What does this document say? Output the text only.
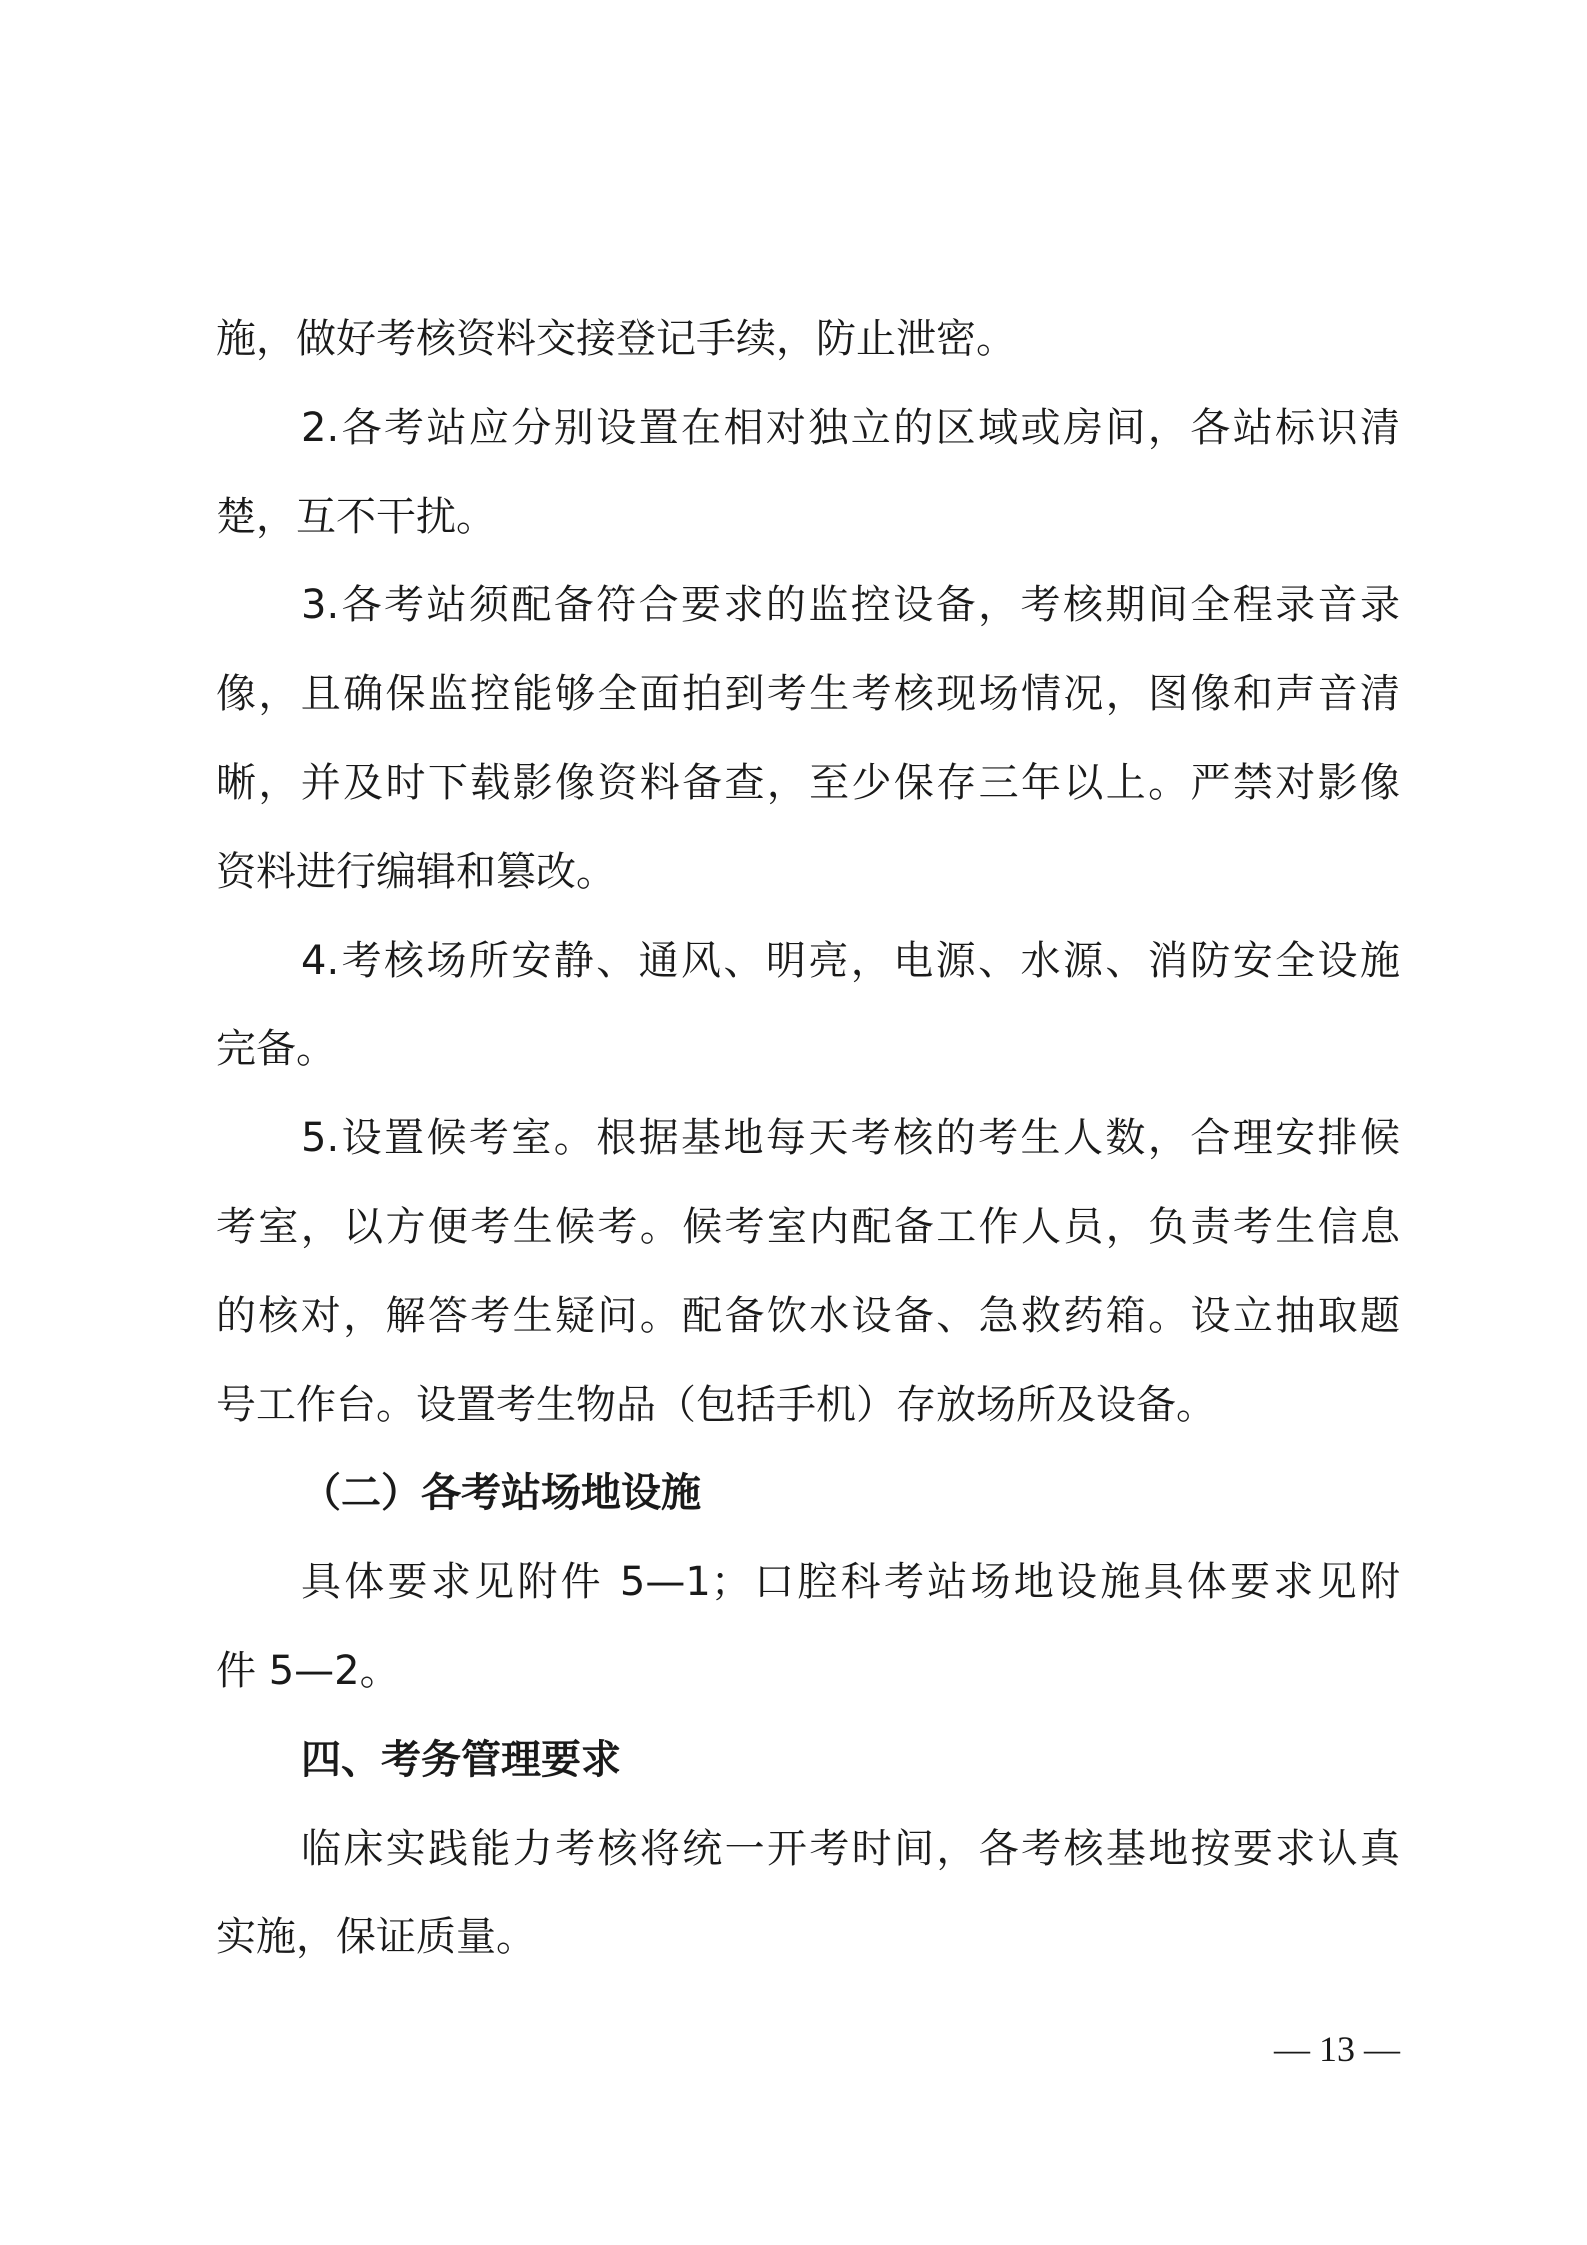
施，做好考核资料交接登记手续，防止泄密。
2.各考站应分别设置在相对独立的区域或房间，各站标识清
楚，互不干扰。
3.各考站须配备符合要求的监控设备，考核期间全程录音录
像，且确保监控能够全面拍到考生考核现场情况，图像和声音清
晰，并及时下载影像资料备查，至少保存三年以上。严禁对影像
资料进行编辑和篡改。
4.考核场所安静、通风、明亮，电源、水源、消防安全设施
完备。
5.设置候考室。根据基地每天考核的考生人数，合理安排候
考室，以方便考生候考。候考室内配备工作人员，负责考生信息
的核对，解答考生疑问。配备饮水设备、急救药箱。设立抽取题
号工作台。设置考生物品（包括手机）存放场所及设备。
（二）各考站场地设施
具体要求见附件 5—1；口腔科考站场地设施具体要求见附
件 5—2。
四、考务管理要求
临床实践能力考核将统一开考时间，各考核基地按要求认真
实施，保证质量。
— 13 —
